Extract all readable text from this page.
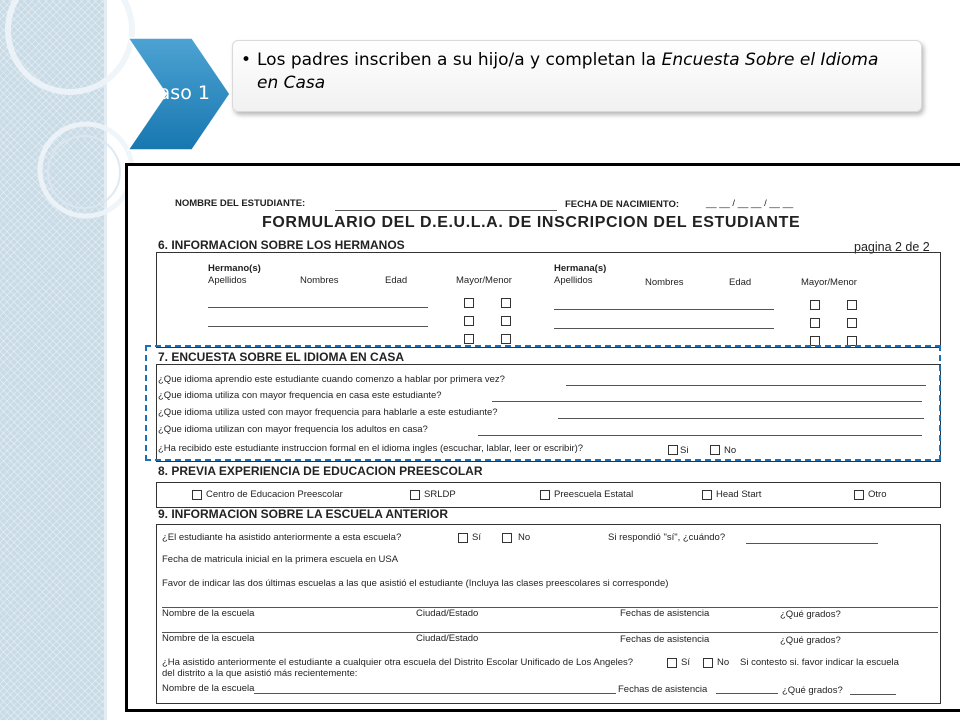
• Los padres inscriben a su hijo/a y completan la Encuesta Sobre el Idioma en Casa
Paso 1
NOMBRE DEL ESTUDIANTE:	FECHA DE NACIMIENTO:	__ __ / __ __ / __ __
FORMULARIO DEL D.E.U.L.A. DE INSCRIPCION DEL ESTUDIANTE
6. INFORMACION SOBRE LOS HERMANOS	pagina 2 de 2
Hermano(s)
Apellidos	Nombres	Edad	Mayor/Menor
Hermana(s)
Apellidos	Nombres	Edad	Mayor/Menor
7. ENCUESTA SOBRE EL IDIOMA EN CASA
¿Que idioma aprendio este estudiante cuando comenzo a hablar por primera vez?
¿Que idioma utiliza con mayor frequencia en casa este estudiante?
¿Que idioma utiliza usted con mayor frequencia para hablarle a este estudiante?
¿Que idioma utilizan con mayor frequencia los adultos en casa?
¿Ha recibido este estudiante instruccion formal en el idioma ingles (escuchar, lablar, leer or escribir)?	Si	No
8. PREVIA EXPERIENCIA DE EDUCACION PREESCOLAR
Centro de Educacion Preescolar	SRLDP	Preescuela Estatal	Head Start	Otro
9. INFORMACION SOBRE LA ESCUELA ANTERIOR
¿El estudiante ha asistido anteriormente a esta escuela?	Sí	No	Si respondió "sí", ¿cuándo?
Fecha de matricula inicial en la primera escuela en USA
Favor de indicar las dos últimas escuelas a las que asistió el estudiante (Incluya las clases preescolares si corresponde)
Nombre de la escuela	Ciudad/Estado	Fechas de asistencia	¿Qué grados?
Nombre de la escuela	Ciudad/Estado	Fechas de asistencia	¿Qué grados?
¿Ha asistido anteriormente el estudiante a cualquier otra escuela del Distrito Escolar Unificado de Los Angeles?	Sí	No Si contesto si. favor indicar la escuela
del distrito a la que asistió más recientemente:
Nombre de la escuela	Fechas de asistencia	¿Qué grados?
